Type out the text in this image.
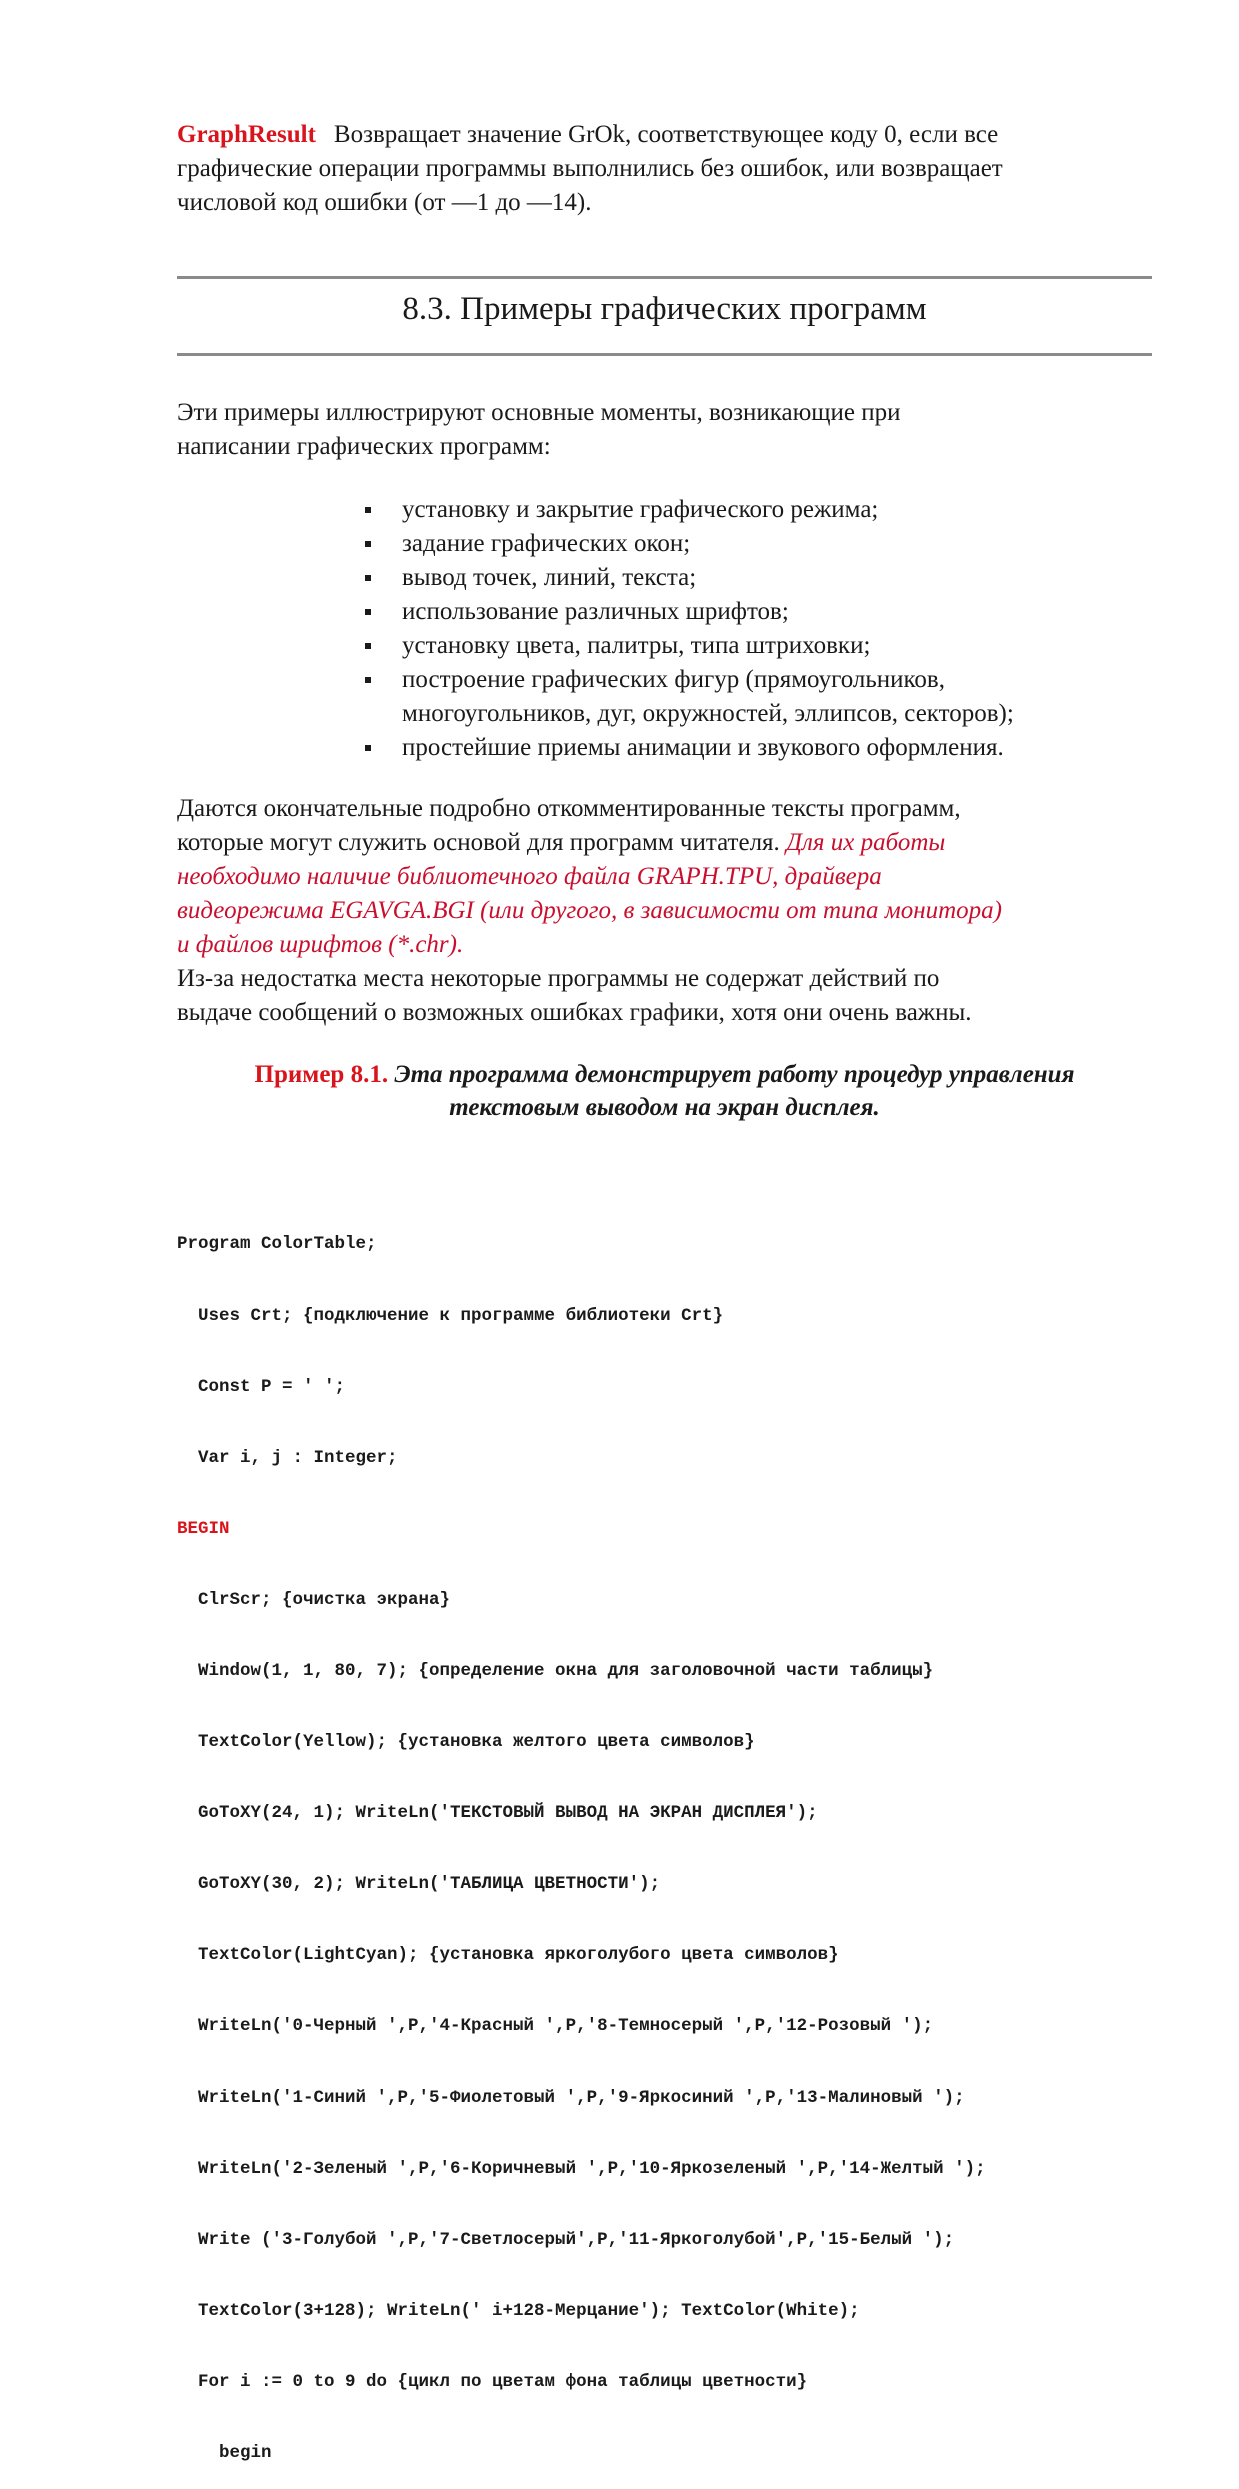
GraphResult Возвращает значение GrOk, соответствующее коду 0, если все
графические операции программы выполнились без ошибок, или возвращает
числовой код ошибки (от —1 до —14).

8.3. Примеры графических программ

Эти примеры иллюстрируют основные моменты, возникающие при
написании графических программ:

установку и закрытие графического режима;
задание графических окон;
вывод точек, линий, текста;
использование различных шрифтов;
установку цвета, палитры, типа штриховки;
построение графических фигур (прямоугольников,
многоугольников, дуг, окружностей, эллипсов, секторов);
простейшие приемы анимации и звукового оформления.

Даются окончательные подробно откомментированные тексты программ,
которые могут служить основой для программ читателя. Для их работы
необходимо наличие библиотечного файла GRAPH.TPU, драйвера
видеорежима EGAVGA.BGI (или другого, в зависимости от типа монитора)
и файлов шрифтов (*.chr).
Из-за недостатка места некоторые программы не содержат действий по
выдаче сообщений о возможных ошибках графики, хотя они очень важны.

Пример 8.1. Эта программа демонстрирует работу процедур управления
текстовым выводом на экран дисплея.

Program ColorTable;

Uses Crt; {подключение к программе библиотеки Crt}

Const P = ' ';

Var i, j : Integer;

BEGIN

ClrScr; {очистка экрана}

Window(1, 1, 80, 7); {определение окна для заголовочной части таблицы}

TextColor(Yellow); {установка желтого цвета символов}

GoToXY(24, 1); WriteLn('ТЕКСТОВЫЙ ВЫВОД НА ЭКРАН ДИСПЛЕЯ');

GoToXY(30, 2); WriteLn('ТАБЛИЦА ЦВЕТНОСТИ');

TextColor(LightCyan); {установка яркоголубого цвета символов}

WriteLn('0-Черный ',P,'4-Красный ',P,'8-Темносерый ',P,'12-Розовый ');

WriteLn('1-Синий ',P,'5-Фиолетовый ',P,'9-Яркосиний ',P,'13-Малиновый ');

WriteLn('2-Зеленый ',P,'6-Коричневый ',P,'10-Яркозеленый ',P,'14-Желтый ');

Write ('3-Голубой ',P,'7-Светлосерый',P,'11-Яркоголубой',P,'15-Белый ');

TextColor(3+128); WriteLn(' i+128-Мерцание'); TextColor(White);

For i := 0 to 9 do {цикл по цветам фона таблицы цветности}

begin
